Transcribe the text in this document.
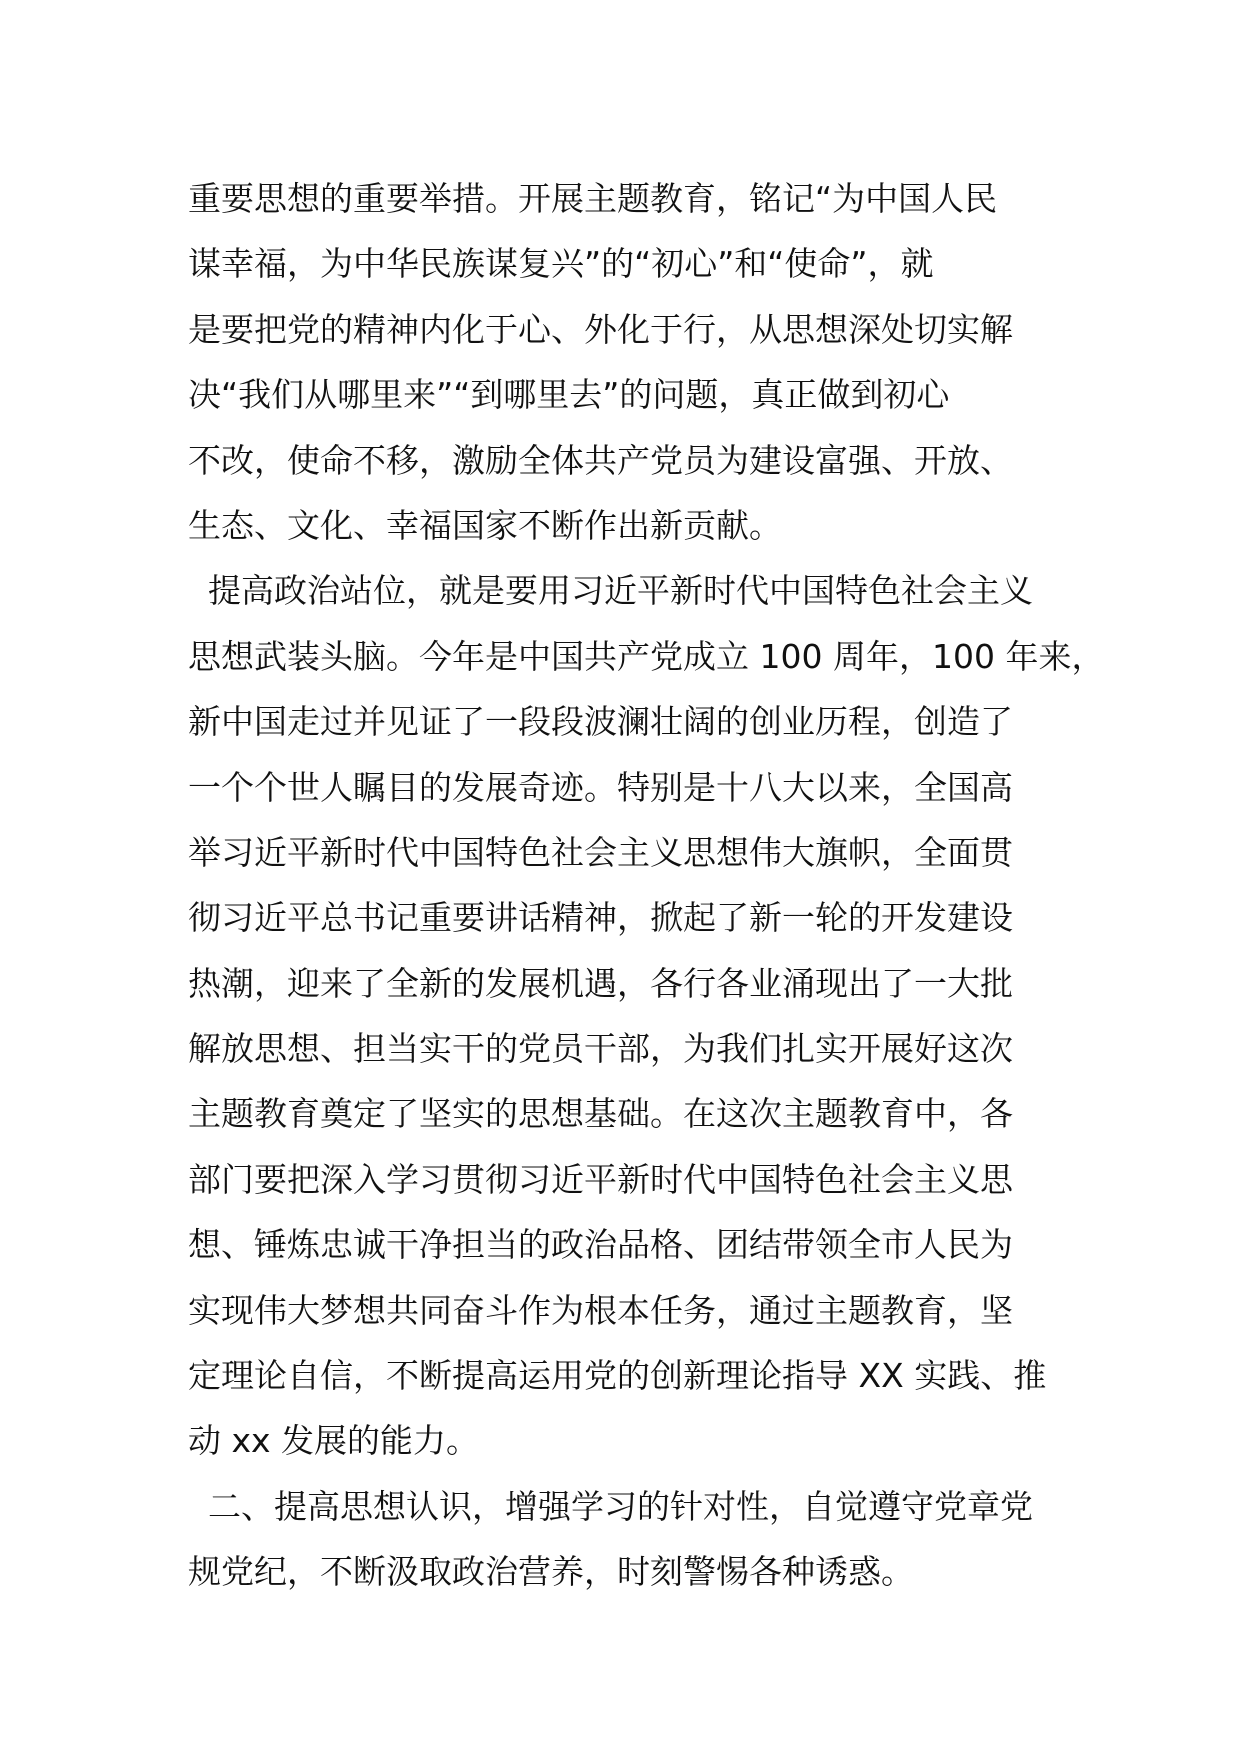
重要思想的重要举措。开展主题教育，铭记“为中国人民
谋幸福，为中华民族谋复兴”的“初心”和“使命”，就
是要把党的精神内化于心、外化于行，从思想深处切实解
决“我们从哪里来”“到哪里去”的问题，真正做到初心
不改，使命不移，激励全体共产党员为建设富强、开放、
生态、文化、幸福国家不断作出新贡献。
提高政治站位，就是要用习近平新时代中国特色社会主义
思想武装头脑。今年是中国共产党成立 100 周年，100 年来，
新中国走过并见证了一段段波澜壮阔的创业历程，创造了
一个个世人瞩目的发展奇迹。特别是十八大以来，全国高
举习近平新时代中国特色社会主义思想伟大旗帜，全面贯
彻习近平总书记重要讲话精神，掀起了新一轮的开发建设
热潮，迎来了全新的发展机遇，各行各业涌现出了一大批
解放思想、担当实干的党员干部，为我们扎实开展好这次
主题教育奠定了坚实的思想基础。在这次主题教育中，各
部门要把深入学习贯彻习近平新时代中国特色社会主义思
想、锤炼忠诚干净担当的政治品格、团结带领全市人民为
实现伟大梦想共同奋斗作为根本任务，通过主题教育，坚
定理论自信，不断提高运用党的创新理论指导 XX 实践、推
动 xx 发展的能力。
二、提高思想认识，增强学习的针对性，自觉遵守党章党
规党纪，不断汲取政治营养，时刻警惕各种诱惑。
